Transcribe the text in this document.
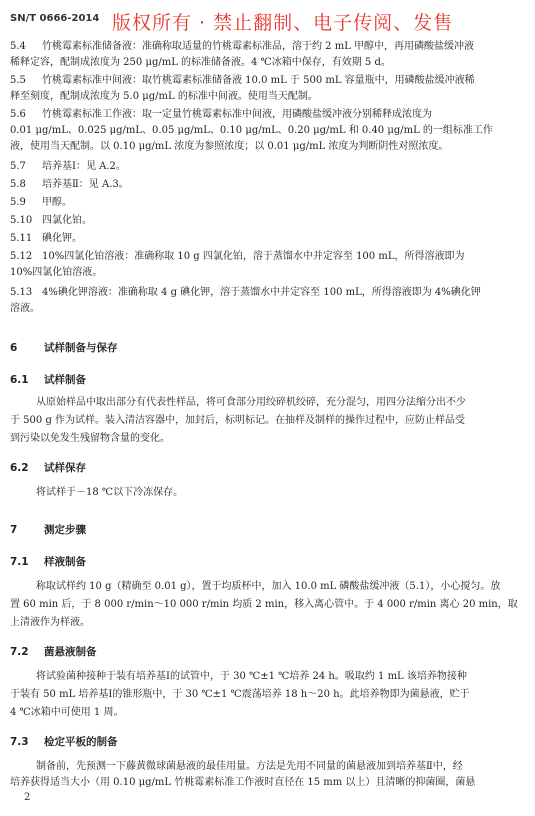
SN/T 0666-2014 版权所有 · 禁止翻制、电子传阅、发售
5.4 竹桃霉素标准储备液：准确称取适量的竹桃霉素标准品，溶于约 2 mL 甲醇中，再用磷酸盐缓冲液
稀释定容，配制成浓度为 250 μg/mL 的标准储备液。4 ℃冰箱中保存，有效期 5 d。
5.5 竹桃霉素标准中间液：取竹桃霉素标准储备液 10.0 mL 于 500 mL 容量瓶中，用磷酸盐缓冲液稀
释至刻度，配制成浓度为 5.0 μg/mL 的标准中间液。使用当天配制。
5.6 竹桃霉素标准工作液：取一定量竹桃霉素标准中间液，用磷酸盐缓冲液分别稀释成浓度为
0.01 μg/mL、0.025 μg/mL、0.05 μg/mL、0.10 μg/mL、0.20 μg/mL 和 0.40 μg/mL 的一组标准工作
液，使用当天配制。以 0.10 μg/mL 浓度为参照浓度；以 0.01 μg/mL 浓度为判断阴性对照浓度。
5.7 培养基Ⅰ：见 A.2。
5.8 培养基Ⅱ：见 A.3。
5.9 甲醇。
5.10 四氯化铂。
5.11 碘化钾。
5.12 10%四氯化铂溶液：准确称取 10 g 四氯化铂，溶于蒸馏水中并定容至 100 mL，所得溶液即为
10%四氯化铂溶液。
5.13 4%碘化钾溶液：准确称取 4 g 碘化钾，溶于蒸馏水中并定容至 100 mL，所得溶液即为 4%碘化钾
溶液。
6	试样制备与保存
6.1 试样制备
从原始样品中取出部分有代表性样品，将可食部分用绞碎机绞碎，充分混匀，用四分法缩分出不少
于 500 g 作为试样。装入清洁容器中，加封后，标明标记。在抽样及制样的操作过程中，应防止样品受
到污染以免发生残留物含量的变化。
6.2 试样保存
将试样于－18 ℃以下冷冻保存。
7	测定步骤
7.1 样液制备
称取试样约 10 g（精确至 0.01 g），置于均质杯中，加入 10.0 mL 磷酸盐缓冲液（5.1），小心搅匀。放
置 60 min 后，于 8 000 r/min～10 000 r/min 均质 2 min，移入离心管中。于 4 000 r/min 离心 20 min，取
上清液作为样液。
7.2 菌悬液制备
将试验菌种接种于装有培养基Ⅰ的试管中，于 30 ℃±1 ℃培养 24 h。吸取约 1 mL 该培养物接种
于装有 50 mL 培养基Ⅰ的锥形瓶中，于 30 ℃±1 ℃震荡培养 18 h～20 h。此培养物即为菌悬液，贮于
4 ℃冰箱中可使用 1 周。
7.3 检定平板的制备
制备前，先预测一下藤黄微球菌悬液的最佳用量。方法是先用不同量的菌悬液加到培养基Ⅱ中，经
培养获得适当大小（用 0.10 μg/mL 竹桃霉素标准工作液时直径在 15 mm 以上）且清晰的抑菌圈，菌悬
2
